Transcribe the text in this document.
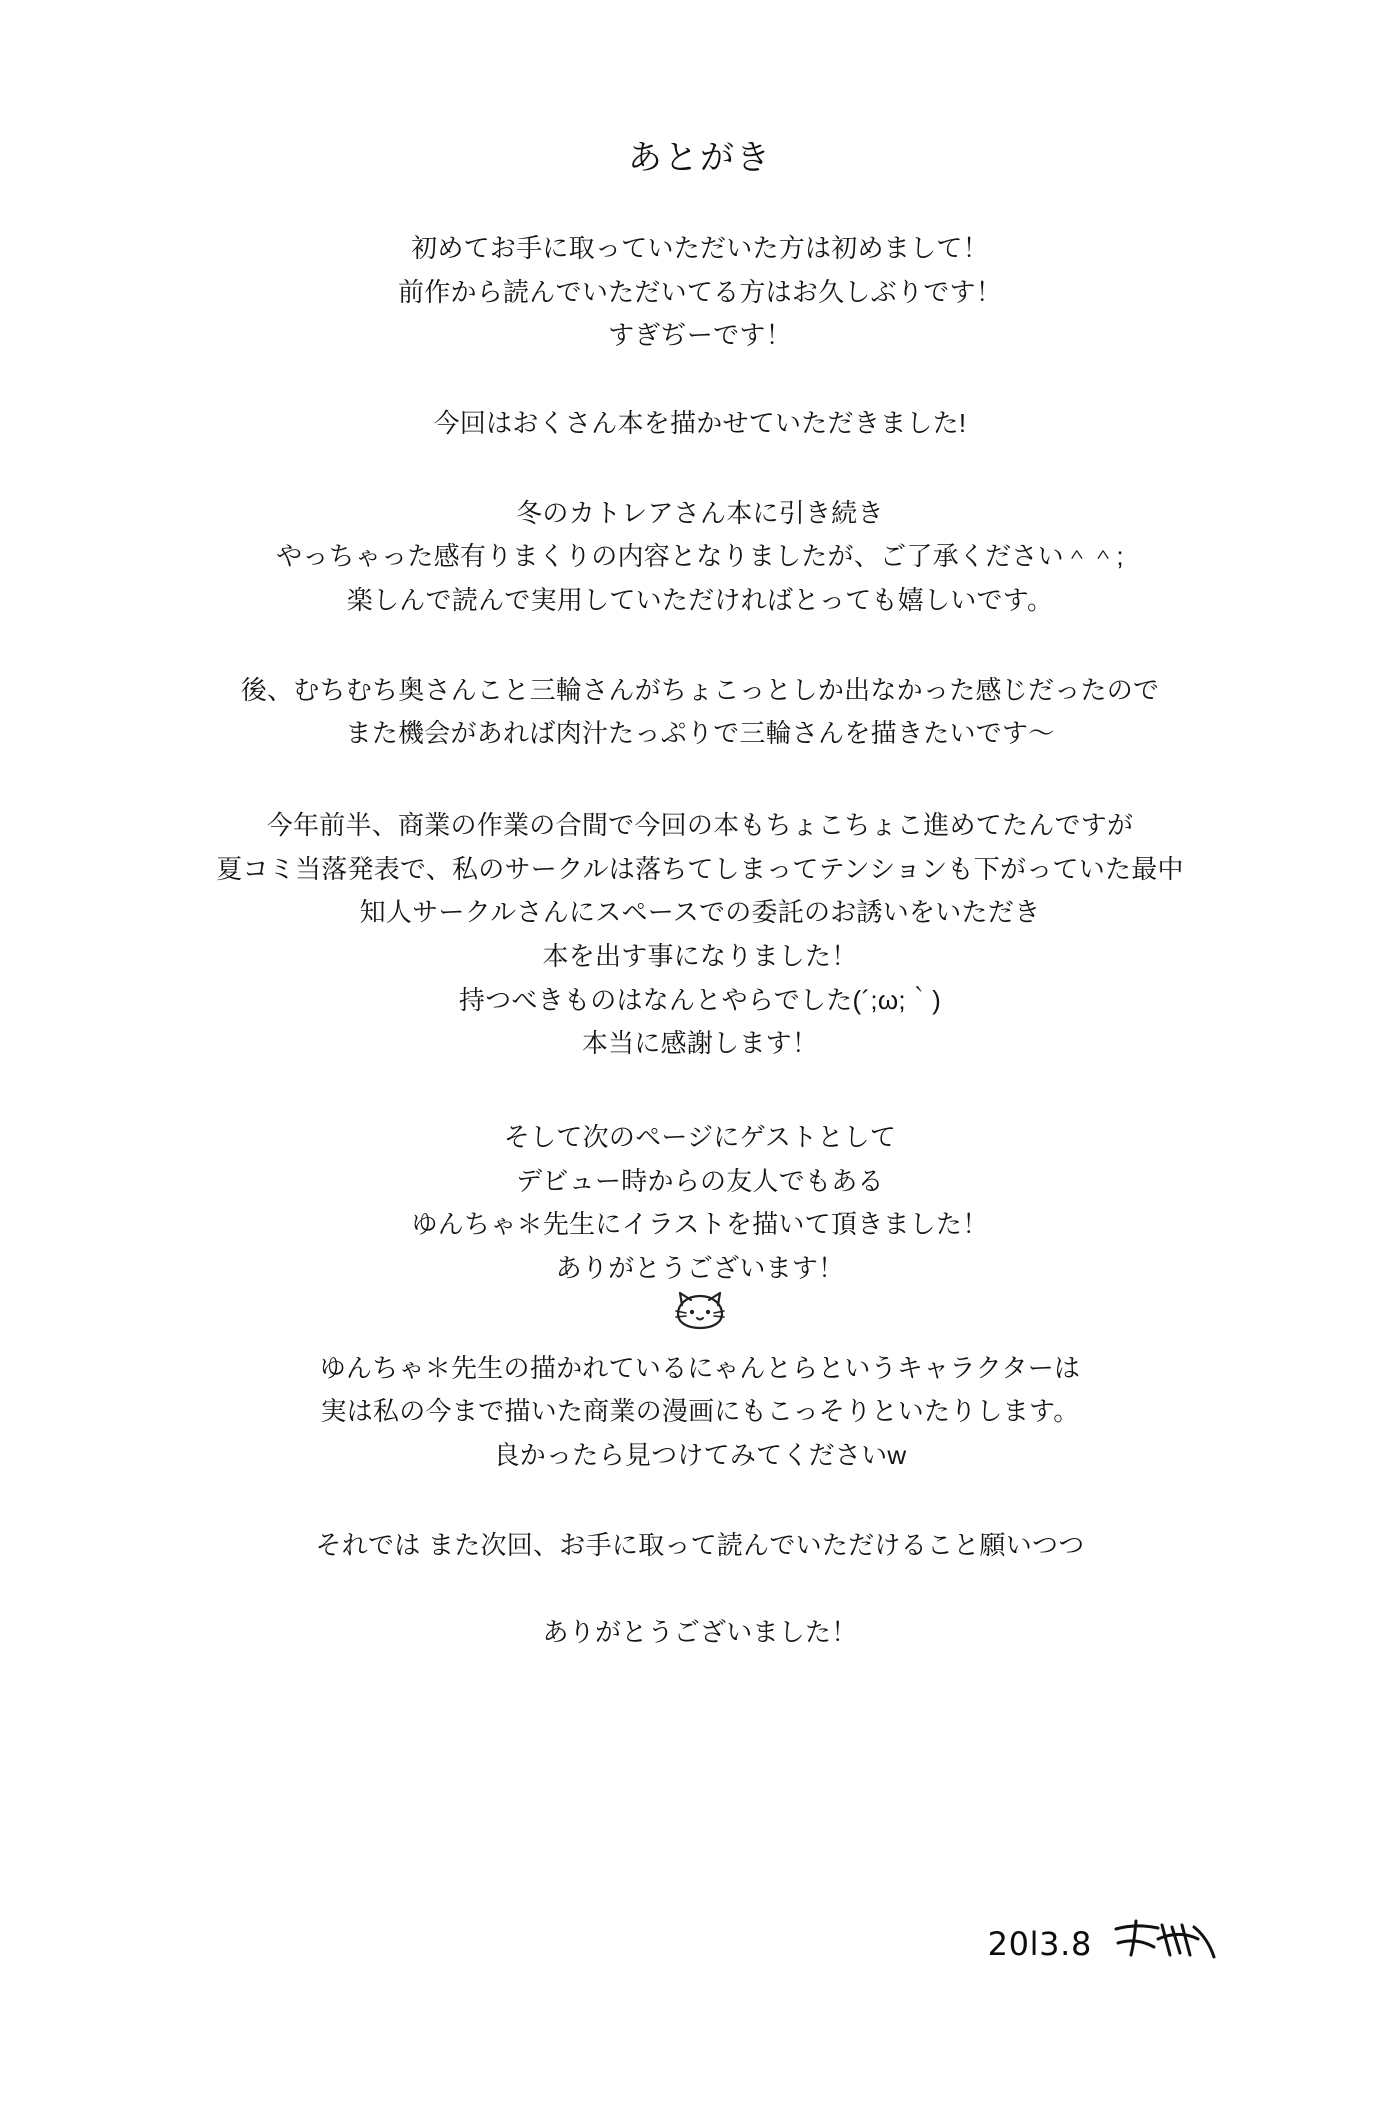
あとがき

初めてお手に取っていただいた方は初めまして！

前作から読んでいただいてる方はお久しぶりです！

すぎぢーです！

今回はおくさん本を描かせていただきました!

冬のカトレアさん本に引き続き

やっちゃった感有りまくりの内容となりましたが、ご了承ください＾＾;

楽しんで読んで実用していただければとっても嬉しいです。

後、むちむち奥さんこと三輪さんがちょこっとしか出なかった感じだったので

また機会があれば肉汁たっぷりで三輪さんを描きたいです～

今年前半、商業の作業の合間で今回の本もちょこちょこ進めてたんですが

夏コミ当落発表で、私のサークルは落ちてしまってテンションも下がっていた最中

知人サークルさんにスペースでの委託のお誘いをいただき

本を出す事になりました！

持つべきものはなんとやらでした(´;ω;｀)

本当に感謝します！

そして次のページにゲストとして

デビュー時からの友人でもある

ゆんちゃ＊先生にイラストを描いて頂きました！

ありがとうございます！

ゆんちゃ＊先生の描かれているにゃんとらというキャラクターは

実は私の今まで描いた商業の漫画にもこっそりといたりします。

良かったら見つけてみてくださいw

それでは また次回、お手に取って読んでいただけること願いつつ

ありがとうございました！

20l3.8
